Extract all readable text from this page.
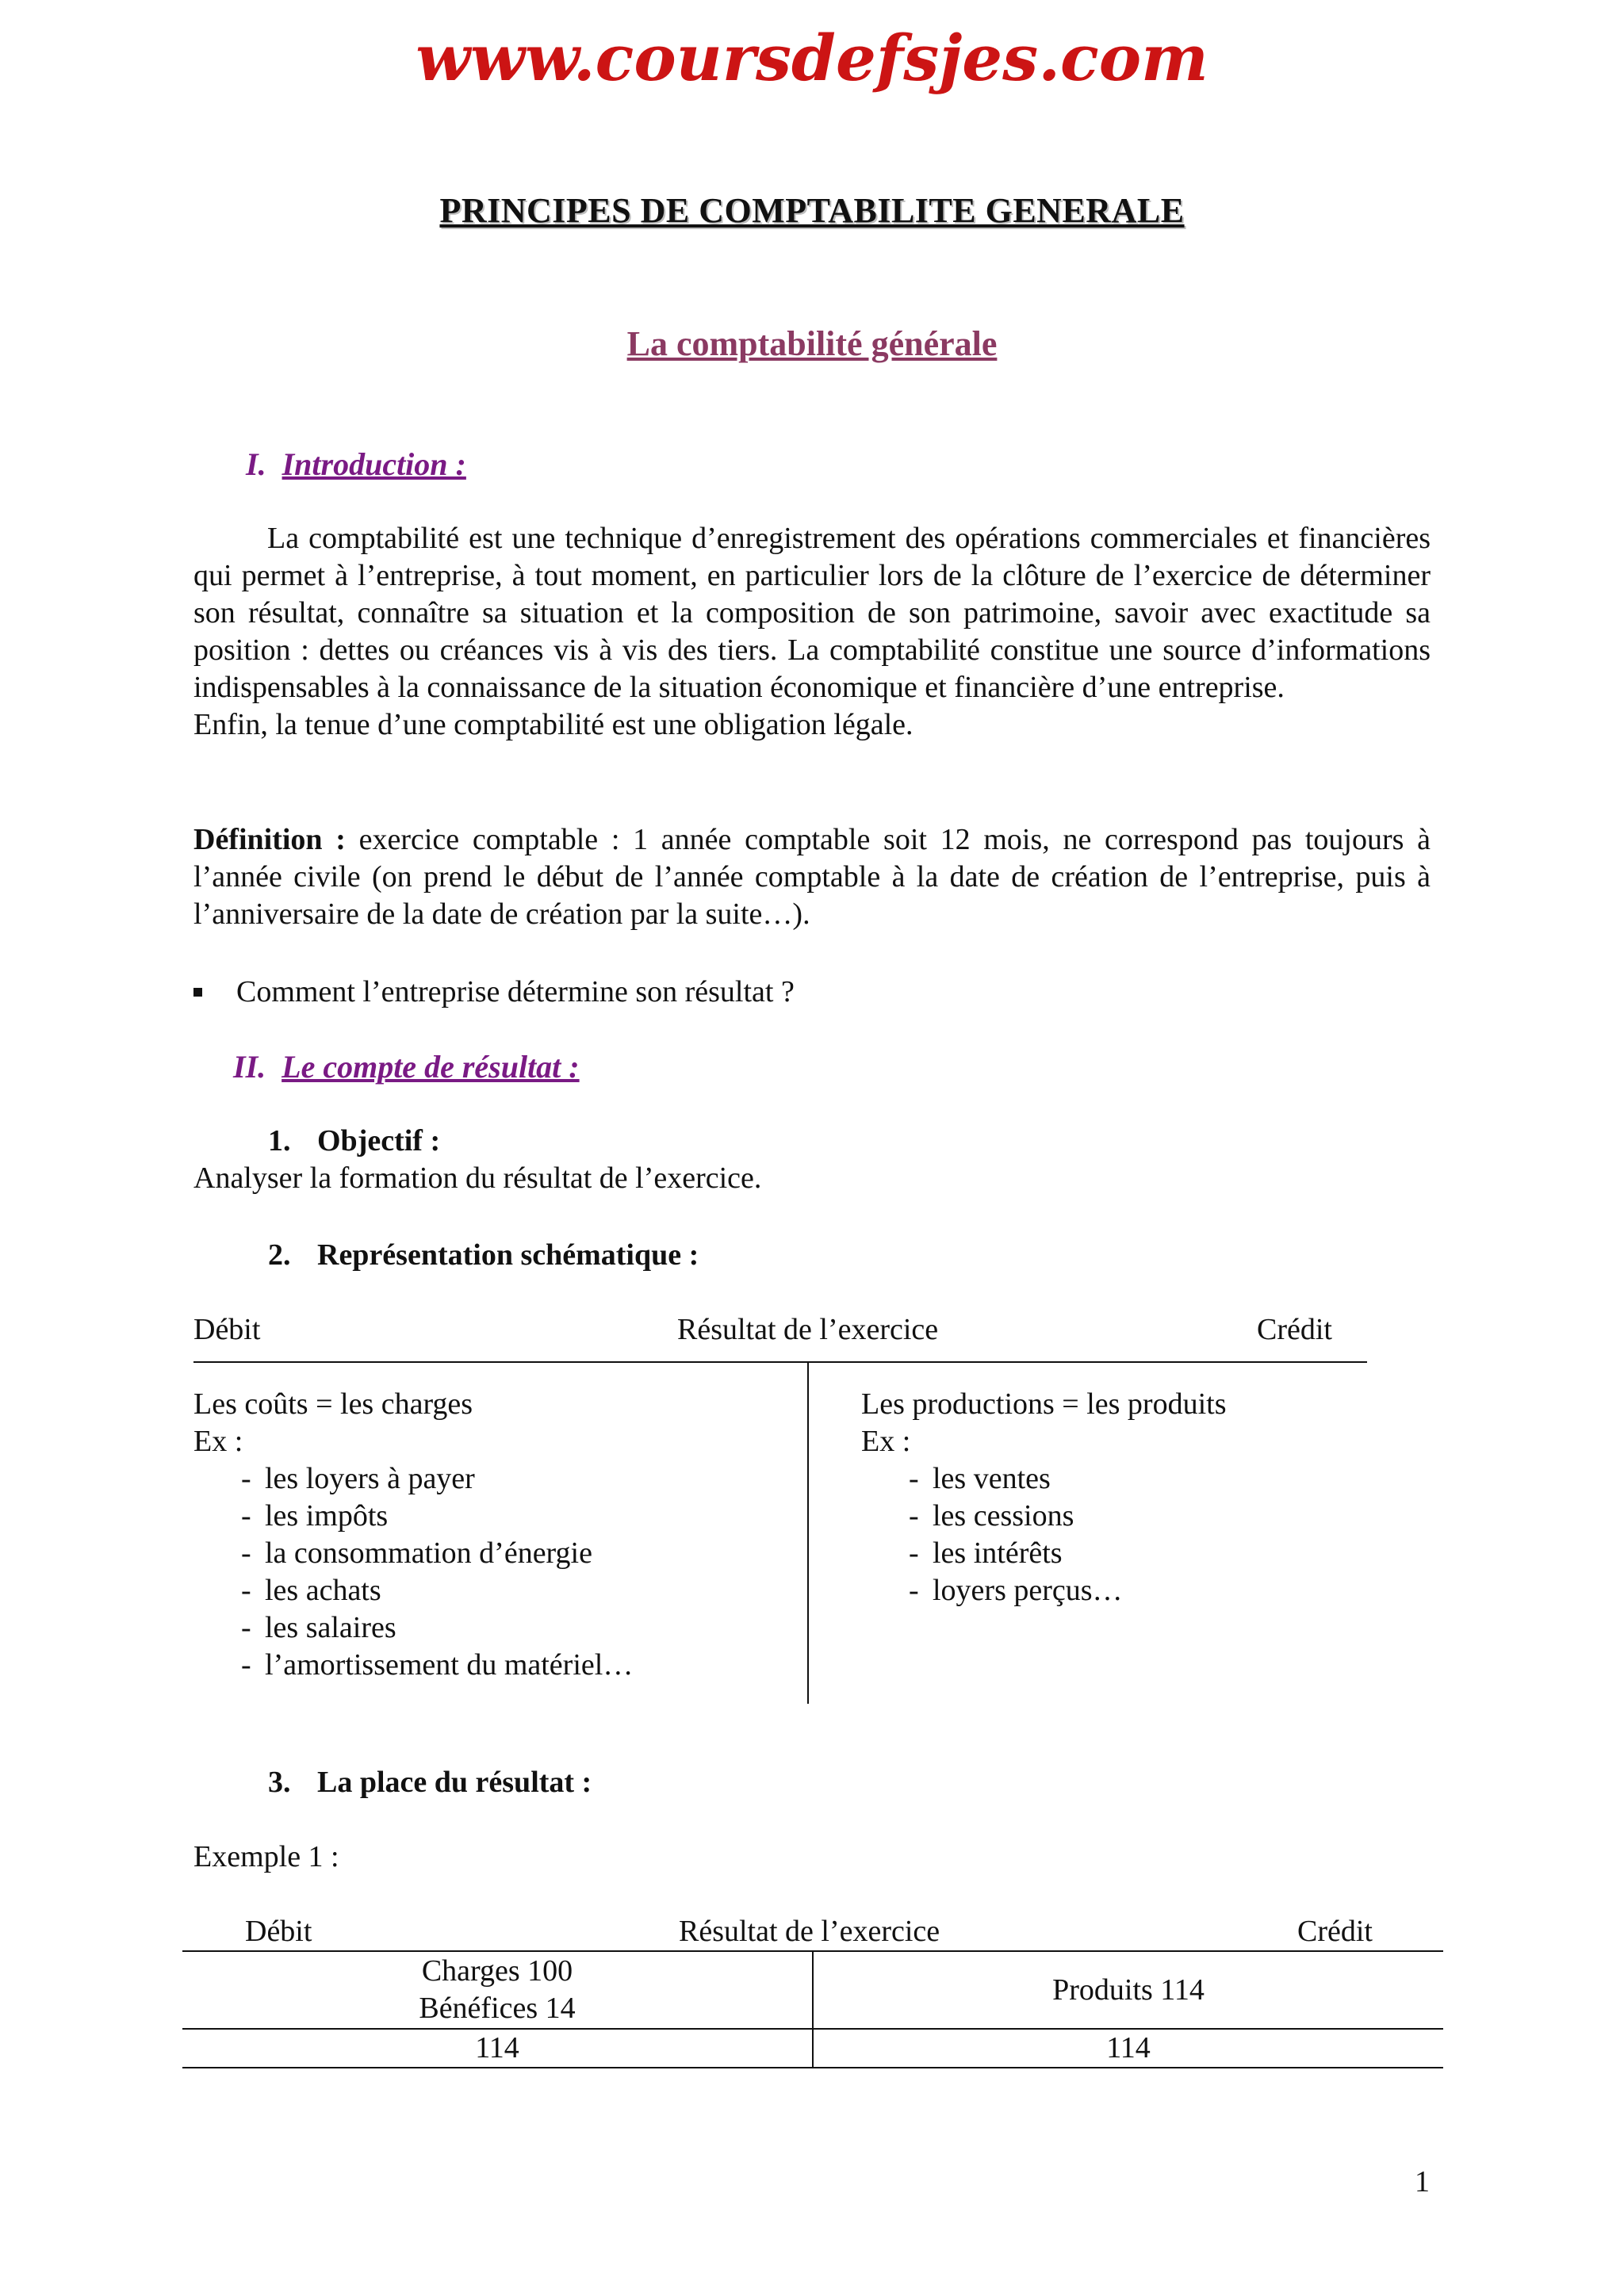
www.coursdefsjes.com
PRINCIPES DE COMPTABILITE GENERALE
La comptabilité générale
I. Introduction :

La comptabilité est une technique d’enregistrement des opérations commerciales et financières qui permet à l’entreprise, à tout moment, en particulier lors de la clôture de l’exercice de déterminer son résultat, connaître sa situation et la composition de son patrimoine, savoir avec exactitude sa position : dettes ou créances vis à vis des tiers. La comptabilité constitue une source d’informations indispensables à la connaissance de la situation économique et financière d’une entreprise.

Enfin, la tenue d’une comptabilité est une obligation légale.

Définition : exercice comptable : 1 année comptable soit 12 mois, ne correspond pas toujours à l’année civile (on prend le début de l’année comptable à la date de création de l’entreprise, puis à l’anniversaire de la date de création par la suite…).

Comment l’entreprise détermine son résultat ?
II. Le compte de résultat :
1. Objectif :
Analyser la formation du résultat de l’exercice.
2. Représentation schématique :
Débit	Résultat de l’exercice	Crédit
Les coûts = les charges
Ex :
- les loyers à payer
- les impôts
- la consommation d’énergie
- les achats
- les salaires
- l’amortissement du matériel…
Les productions = les produits
Ex :
- les ventes
- les cessions
- les intérêts
- loyers perçus…
3. La place du résultat :
Exemple 1 :
Débit	Résultat de l’exercice	Crédit
Charges 100
Bénéfices 14	Produits 114

114	114
1
